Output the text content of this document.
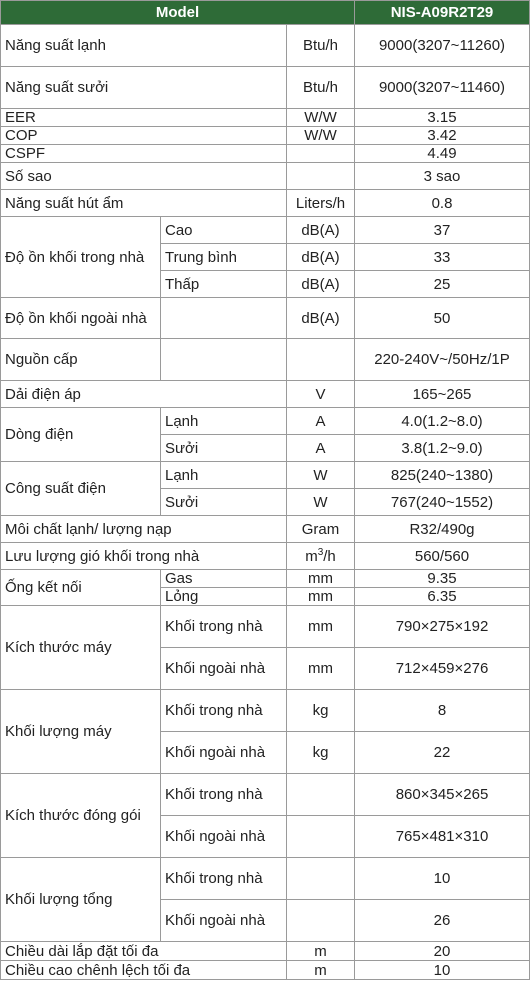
Model			NIS-A09R2T29
Năng suất lạnh		Btu/h	9000(3207~11260)
Năng suất sưởi		Btu/h	9000(3207~11460)
EER		W/W	3.15
COP		W/W	3.42
CSPF			4.49
Số sao			3 sao
Năng suất hút ẩm		Liters/h	0.8
Độ ồn khối trong nhà	Cao	dB(A)	37
	Trung bình	dB(A)	33
	Thấp	dB(A)	25
Độ ồn khối ngoài nhà		dB(A)	50
Nguồn cấp			220-240V~/50Hz/1P
Dải điện áp		V	165~265
Dòng điện	Lạnh	A	4.0(1.2~8.0)
	Sưởi	A	3.8(1.2~9.0)
Công suất điện	Lạnh	W	825(240~1380)
	Sưởi	W	767(240~1552)
Môi chất lạnh/ lượng nạp		Gram	R32/490g
Lưu lượng gió khối trong nhà		$m^3/h$	560/560
Ống kết nối	Gas	mm	9.35
	Lỏng	mm	6.35
Kích thước máy	Khối trong nhà	mm	790×275×192
	Khối ngoài nhà	mm	712×459×276
Khối lượng máy	Khối trong nhà	kg	8
	Khối ngoài nhà	kg	22
Kích thước đóng gói	Khối trong nhà		860×345×265
	Khối ngoài nhà		765×481×310
Khối lượng tổng	Khối trong nhà		10
	Khối ngoài nhà		26
Chiều dài lắp đặt tối đa		m	20
Chiều cao chênh lệch tối đa		m	10
